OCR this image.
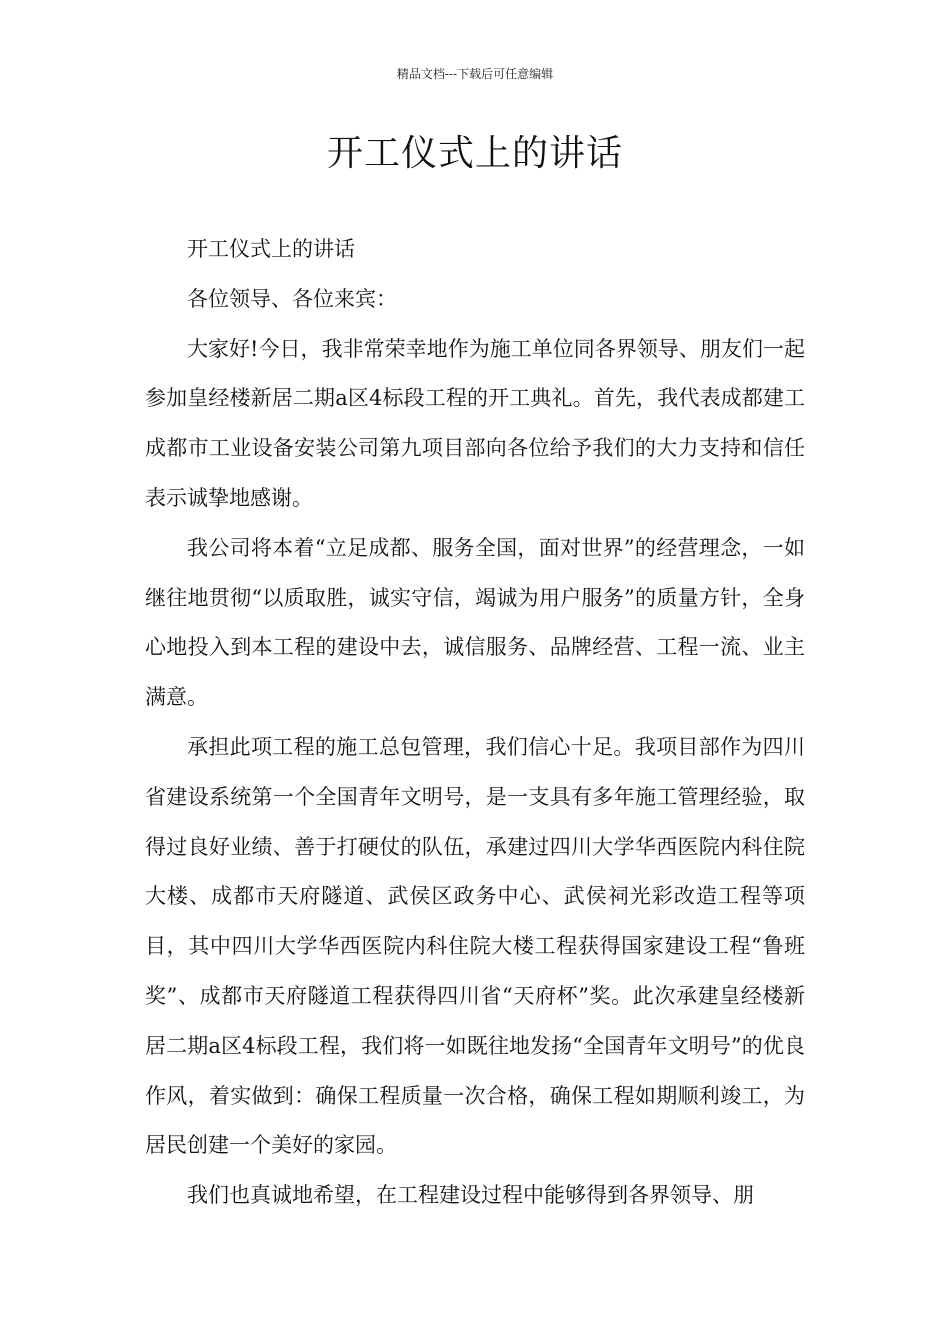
精品文档---下载后可任意编辑
开工仪式上的讲话

开工仪式上的讲话

各位领导、各位来宾：

大家好!今日，我非常荣幸地作为施工单位同各界领导、朋友们一起参加皇经楼新居二期a区4标段工程的开工典礼。首先，我代表成都建工成都市工业设备安装公司第九项目部向各位给予我们的大力支持和信任表示诚挚地感谢。

我公司将本着“立足成都、服务全国，面对世界”的经营理念，一如继往地贯彻“以质取胜，诚实守信，竭诚为用户服务”的质量方针，全身心地投入到本工程的建设中去，诚信服务、品牌经营、工程一流、业主满意。

承担此项工程的施工总包管理，我们信心十足。我项目部作为四川省建设系统第一个全国青年文明号，是一支具有多年施工管理经验，取得过良好业绩、善于打硬仗的队伍，承建过四川大学华西医院内科住院大楼、成都市天府隧道、武侯区政务中心、武侯祠光彩改造工程等项目，其中四川大学华西医院内科住院大楼工程获得国家建设工程“鲁班奖”、成都市天府隧道工程获得四川省“天府杯”奖。此次承建皇经楼新居二期a区4标段工程，我们将一如既往地发扬“全国青年文明号”的优良作风，着实做到：确保工程质量一次合格，确保工程如期顺利竣工，为居民创建一个美好的家园。

我们也真诚地希望，在工程建设过程中能够得到各界领导、朋
